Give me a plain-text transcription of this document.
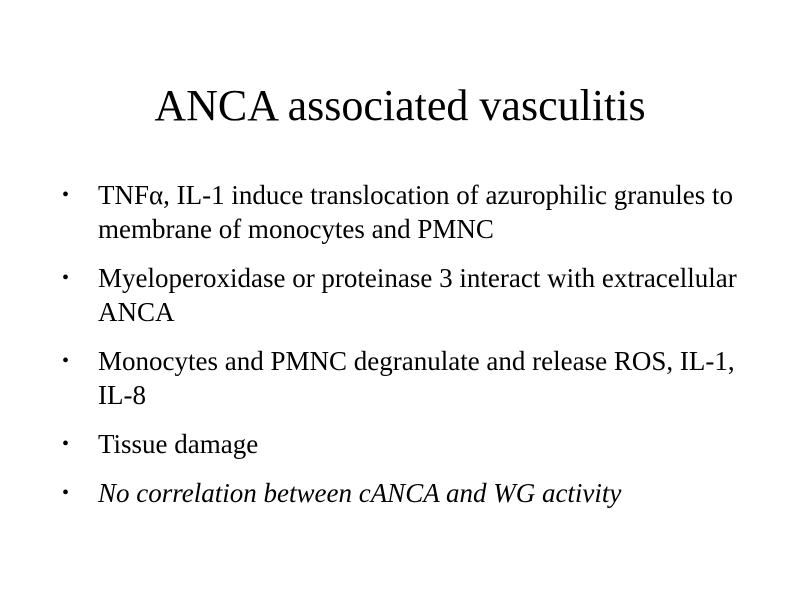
ANCA associated vasculitis
•	TNFα, IL-1 induce translocation of azurophilic granules to membrane of monocytes and PMNC
•	Myeloperoxidase or proteinase 3 interact with extracellular ANCA
•	Monocytes and PMNC degranulate and release ROS, IL-1, IL-8
•	Tissue damage
•	No correlation between cANCA and WG activity
